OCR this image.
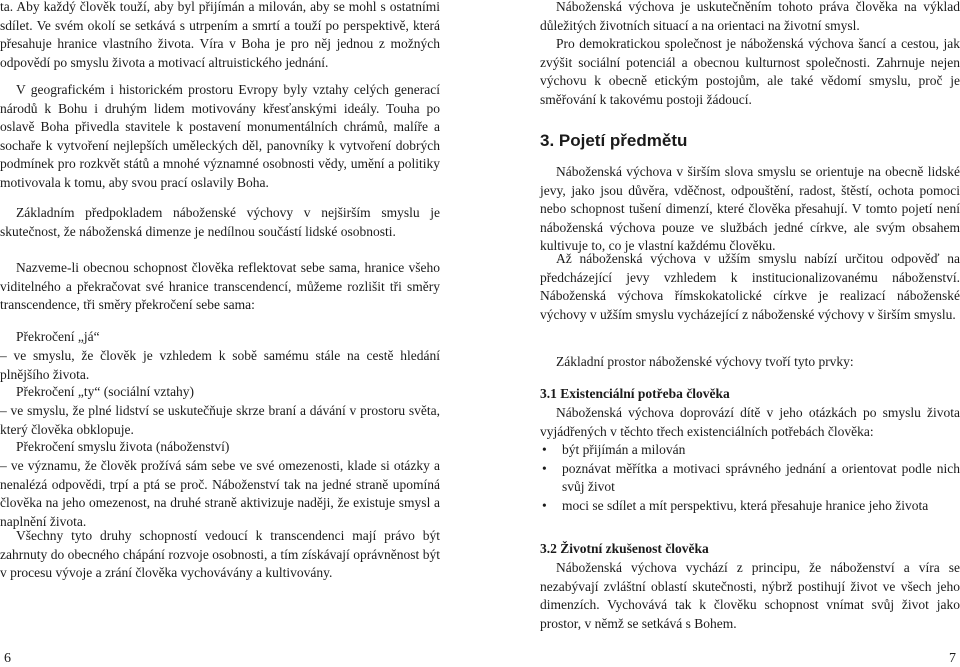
ta. Aby každý člověk touží, aby byl přijímán a milován, aby se mohl s ostatními sdílet. Ve svém okolí se setkává s utrpením a smrtí a touží po perspektivě, která přesahuje hranice vlastního života. Víra v Boha je pro něj jednou z možných odpovědí po smyslu života a motivací altruistického jednání.

V geografickém i historickém prostoru Evropy byly vztahy celých generací národů k Bohu i druhým lidem motivovány křesťanskými ideály. Touha po oslavě Boha přivedla stavitele k postavení monumentálních chrámů, malíře a sochaře k vytvoření nejlepších uměleckých děl, panovníky k vytvoření dobrých podmínek pro rozkvět států a mnohé významné osobnosti vědy, umění a politiky motivovala k tomu, aby svou prací oslavily Boha.

Základním předpokladem náboženské výchovy v nejširším smyslu je skutečnost, že náboženská dimenze je nedílnou součástí lidské osobnosti.

Nazveme-li obecnou schopnost člověka reflektovat sebe sama, hranice všeho viditelného a překračovat své hranice transcendencí, můžeme rozlišit tři směry transcendence, tři směry překročení sebe sama:

Překročení „já“

– ve smyslu, že člověk je vzhledem k sobě samému stále na cestě hledání plnějšího života.

Překročení „ty“ (sociální vztahy)

– ve smyslu, že plné lidství se uskutečňuje skrze braní a dávání v prostoru světa, který člověka obklopuje.

Překročení smyslu života (náboženství)

– ve významu, že člověk prožívá sám sebe ve své omezenosti, klade si otázky a nenalézá odpovědi, trpí a ptá se proč. Náboženství tak na jedné straně upomíná člověka na jeho omezenost, na druhé straně aktivizuje naději, že existuje smysl a naplnění života.

Všechny tyto druhy schopností vedoucí k transcendenci mají právo být zahrnuty do obecného chápání rozvoje osobnosti, a tím získávají oprávněnost být v procesu vývoje a zrání člověka vychovávány a kultivovány.

6

Náboženská výchova je uskutečněním tohoto práva člověka na výklad důležitých životních situací a na orientaci na životní smysl.

Pro demokratickou společnost je náboženská výchova šancí a cestou, jak zvýšit sociální potenciál a obecnou kulturnost společnosti. Zahrnuje nejen výchovu k obecně etickým postojům, ale také vědomí smyslu, proč je směřování k takovému postoji žádoucí.

3. Pojetí předmětu

Náboženská výchova v širším slova smyslu se orientuje na obecně lidské jevy, jako jsou důvěra, vděčnost, odpouštění, radost, štěstí, ochota pomoci nebo schopnost tušení dimenzí, které člověka přesahují. V tomto pojetí není náboženská výchova pouze ve službách jedné církve, ale svým obsahem kultivuje to, co je vlastní každému člověku.

Až náboženská výchova v užším smyslu nabízí určitou odpověď na předcházející jevy vzhledem k institucionalizovanému náboženství. Náboženská výchova římskokatolické církve je realizací náboženské výchovy v užším smyslu vycházející z náboženské výchovy v širším smyslu.

Základní prostor náboženské výchovy tvoří tyto prvky:

3.1 Existenciální potřeba člověka

Náboženská výchova doprovází dítě v jeho otázkách po smyslu života vyjádřených v těchto třech existenciálních potřebách člověka:

• být přijímán a milován
• poznávat měřítka a motivaci správného jednání a orientovat podle nich svůj život
• moci se sdílet a mít perspektivu, která přesahuje hranice jeho života
3.2 Životní zkušenost člověka

Náboženská výchova vychází z principu, že náboženství a víra se nezabývají zvláštní oblastí skutečnosti, nýbrž postihují život ve všech jeho dimenzích. Vychovává tak k člověku schopnost vnímat svůj život jako prostor, v němž se setkává s Bohem.

7
